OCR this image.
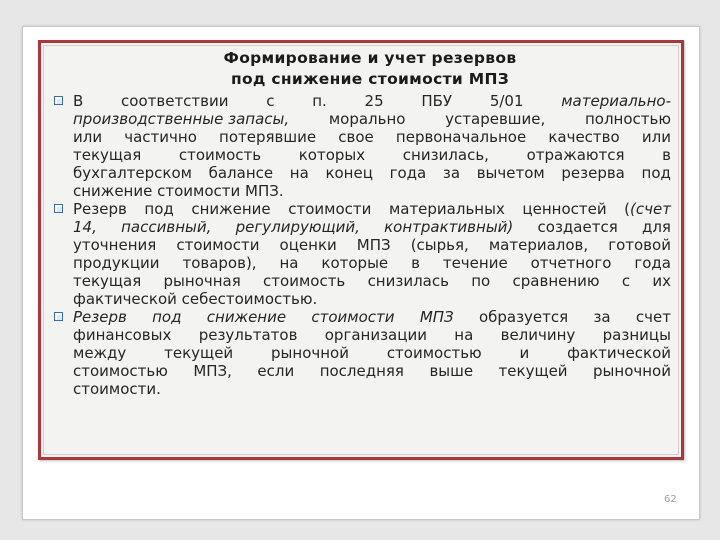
Формирование и учет резервов
под снижение стоимости МПЗ
В	соответствии	с	п.	25	ПБУ	5/01	материально-
производственные запасы,	морально	устаревшие,	полностью
или частично потерявшие свое первоначальное качество или
текущая	стоимость	которых	снизилась,	отражаются	в
бухгалтерском балансе на конец года за вычетом резерва под
снижение стоимости МПЗ.
Резерв под снижение стоимости материальных ценностей ((счет
14, пассивный, регулирующий, контрактивный) создается для
уточнения стоимости оценки МПЗ (сырья, материалов, готовой
продукции товаров), на которые в течение отчетного года
текущая рыночная стоимость снизилась по сравнению с их
фактической себестоимостью.
Резерв под снижение стоимости МПЗ образуется за счет
финансовых результатов организации на величину разницы
между	текущей	рыночной	стоимостью	и	фактической
стоимостью МПЗ, если последняя выше текущей рыночной
стоимости.
62
